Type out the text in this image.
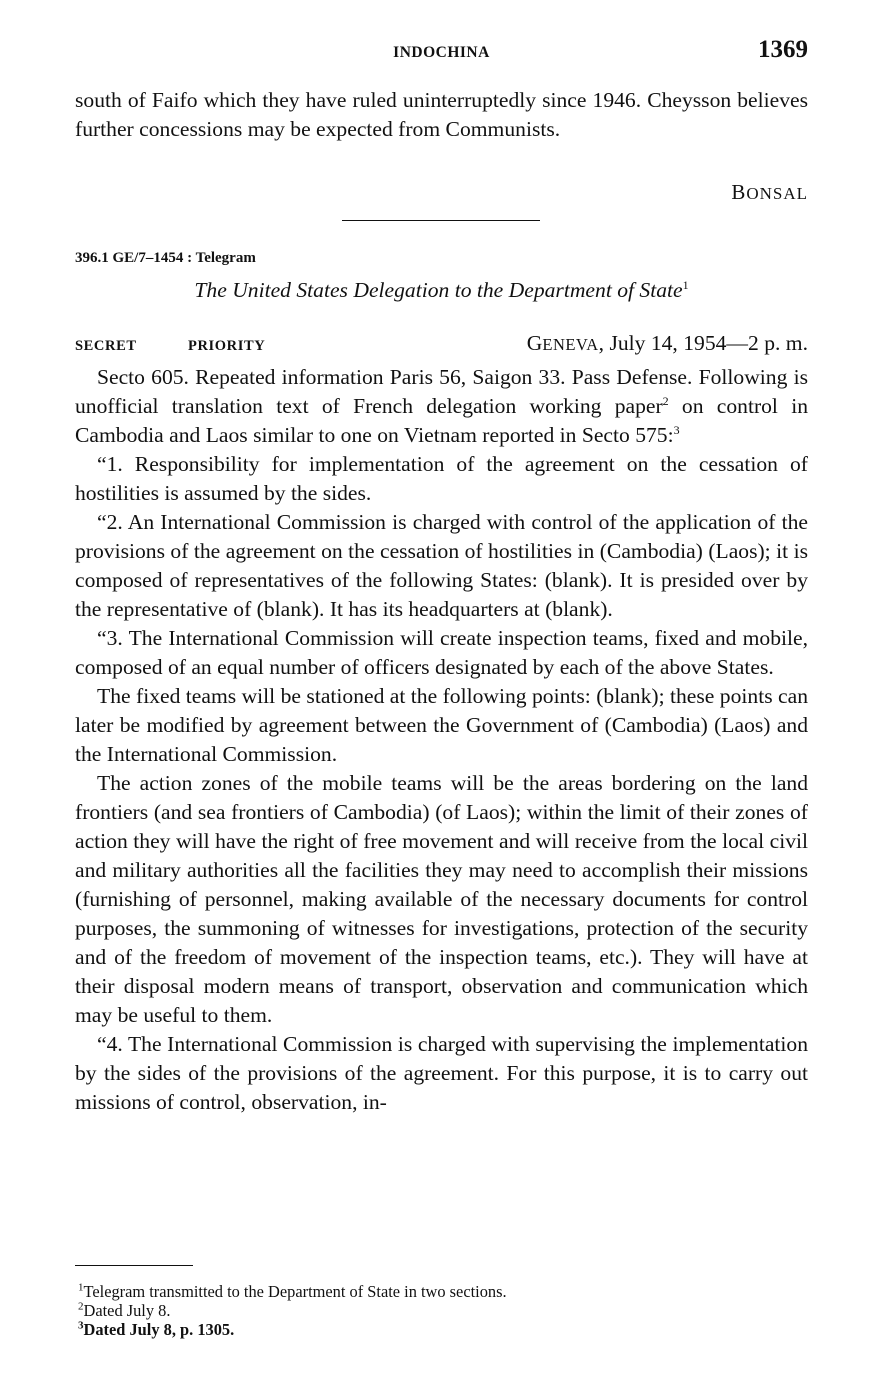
INDOCHINA	1369

south of Faifo which they have ruled uninterruptedly since 1946. Cheysson believes further concessions may be expected from Communists.

BONSAL
396.1 GE/7–1454 : Telegram
The United States Delegation to the Department of State$^1$
SECRET	PRIORITY	GENEVA, July 14, 1954—2 p. m.

Secto 605. Repeated information Paris 56, Saigon 33. Pass Defense. Following is unofficial translation text of French delegation working paper$^2$ on control in Cambodia and Laos similar to one on Vietnam reported in Secto 575:$^3$

“1. Responsibility for implementation of the agreement on the cessation of hostilities is assumed by the sides.

“2. An International Commission is charged with control of the application of the provisions of the agreement on the cessation of hostilities in (Cambodia) (Laos); it is composed of representatives of the following States: (blank). It is presided over by the representative of (blank). It has its headquarters at (blank).

“3. The International Commission will create inspection teams, fixed and mobile, composed of an equal number of officers designated by each of the above States.

The fixed teams will be stationed at the following points: (blank); these points can later be modified by agreement between the Government of (Cambodia) (Laos) and the International Commission.

The action zones of the mobile teams will be the areas bordering on the land frontiers (and sea frontiers of Cambodia) (of Laos); within the limit of their zones of action they will have the right of free movement and will receive from the local civil and military authorities all the facilities they may need to accomplish their missions (furnishing of personnel, making available of the necessary documents for control purposes, the summoning of witnesses for investigations, protection of the security and of the freedom of movement of the inspection teams, etc.). They will have at their disposal modern means of transport, observation and communication which may be useful to them.

“4. The International Commission is charged with supervising the implementation by the sides of the provisions of the agreement. For this purpose, it is to carry out missions of control, observation, in-

$^1$Telegram transmitted to the Department of State in two sections.

$^2$Dated July 8.

$^3$Dated July 8, p. 1305.
